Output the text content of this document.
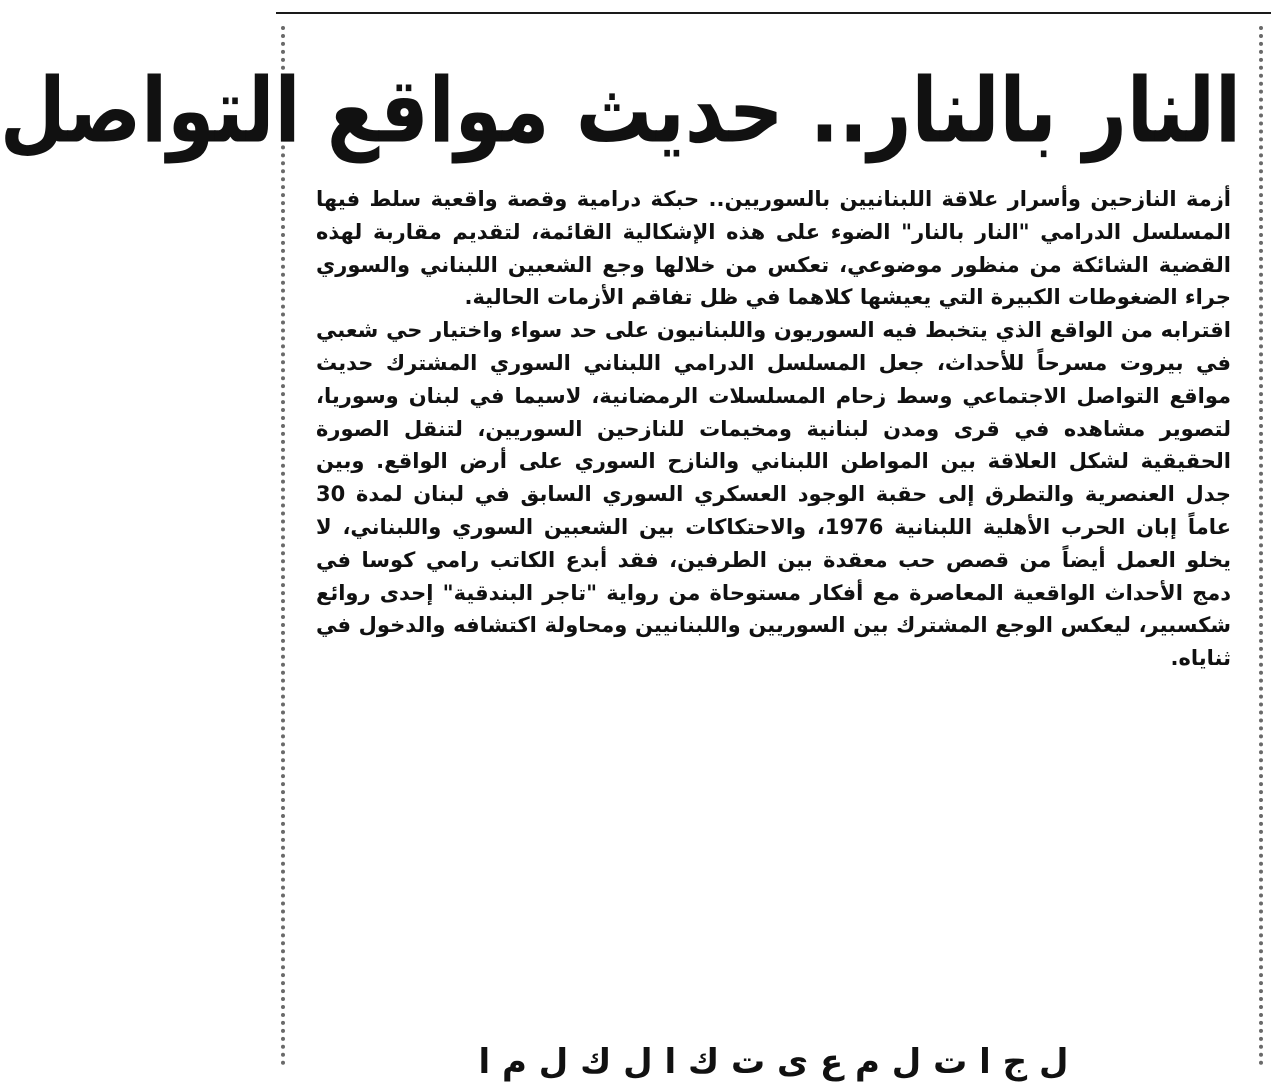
النار بالنار.. حديث مواقع التواصل

أزمة النازحين وأسرار علاقة اللبنانيين بالسوريين.. حبكة درامية وقصة واقعية سلط فيها المسلسل الدرامي "النار بالنار" الضوء على هذه الإشكالية القائمة، لتقديم مقاربة لهذه القضية الشائكة من منظور موضوعي، تعكس من خلالها وجع الشعبين اللبناني والسوري جراء الضغوطات الكبيرة التي يعيشها كلاهما في ظل تفاقم الأزمات الحالية.

اقترابه من الواقع الذي يتخبط فيه السوريون واللبنانيون على حد سواء واختيار حي شعبي في بيروت مسرحاً للأحداث، جعل المسلسل الدرامي اللبناني السوري المشترك حديث مواقع التواصل الاجتماعي وسط زحام المسلسلات الرمضانية، لاسيما في لبنان وسوريا، لتصوير مشاهده في قرى ومدن لبنانية ومخيمات للنازحين السوريين، لتنقل الصورة الحقيقية لشكل العلاقة بين المواطن اللبناني والنازح السوري على أرض الواقع. وبين جدل العنصرية والتطرق إلى حقبة الوجود العسكري السوري السابق في لبنان لمدة 30 عاماً إبان الحرب الأهلية اللبنانية 1976، والاحتكاكات بين الشعبين السوري واللبناني، لا يخلو العمل أيضاً من قصص حب معقدة بين الطرفين، فقد أبدع الكاتب رامي كوسا في دمج الأحداث الواقعية المعاصرة مع أفكار مستوحاة من رواية "تاجر البندقية" إحدى روائع شكسبير، ليعكس الوجع المشترك بين السوريين واللبنانيين ومحاولة اكتشافه والدخول في ثناياه.

ل ج ا ت ل م ع ى ت ك ا ل ك ل م ا
